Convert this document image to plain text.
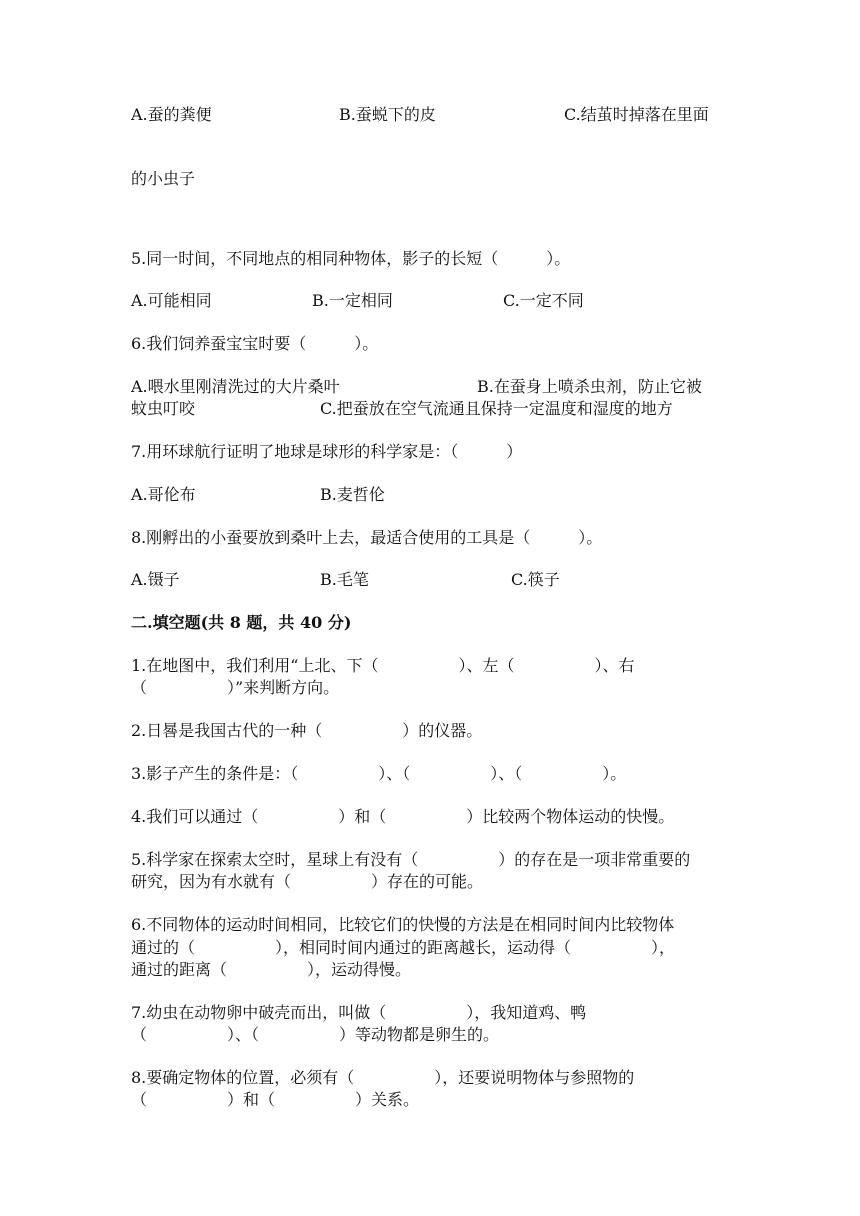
A.蚕的粪便	B.蚕蜕下的皮	C.结茧时掉落在里面
的小虫子
5.同一时间，不同地点的相同种物体，影子的长短（　　　）。
A.可能相同	B.一定相同	C.一定不同
6.我们饲养蚕宝宝时要（　　　）。
A.喂水里刚清洗过的大片桑叶	B.在蚕身上喷杀虫剂，防止它被
蚊虫叮咬	C.把蚕放在空气流通且保持一定温度和湿度的地方
7.用环球航行证明了地球是球形的科学家是：（　　　）
A.哥伦布	B.麦哲伦
8.刚孵出的小蚕要放到桑叶上去，最适合使用的工具是（　　　）。
A.镊子	B.毛笔	C.筷子
二.填空题(共 8 题，共 40 分)
1.在地图中，我们利用“上北、下（　　　　　）、左（　　　　　）、右
（　　　　　）”来判断方向。
2.日晷是我国古代的一种（　　　　　）的仪器。
3.影子产生的条件是：（　　　　　）、（　　　　　）、（　　　　　）。
4.我们可以通过（　　　　　）和（　　　　　）比较两个物体运动的快慢。
5.科学家在探索太空时，星球上有没有（　　　　　）的存在是一项非常重要的
研究，因为有水就有（　　　　　）存在的可能。
6.不同物体的运动时间相同，比较它们的快慢的方法是在相同时间内比较物体
通过的（　　　　　），相同时间内通过的距离越长，运动得（　　　　　），
通过的距离（　　　　　），运动得慢。
7.幼虫在动物卵中破壳而出，叫做（　　　　　），我知道鸡、鸭
（　　　　　）、（　　　　　）等动物都是卵生的。
8.要确定物体的位置，必须有（　　　　　），还要说明物体与参照物的
（　　　　　）和（　　　　　）关系。
